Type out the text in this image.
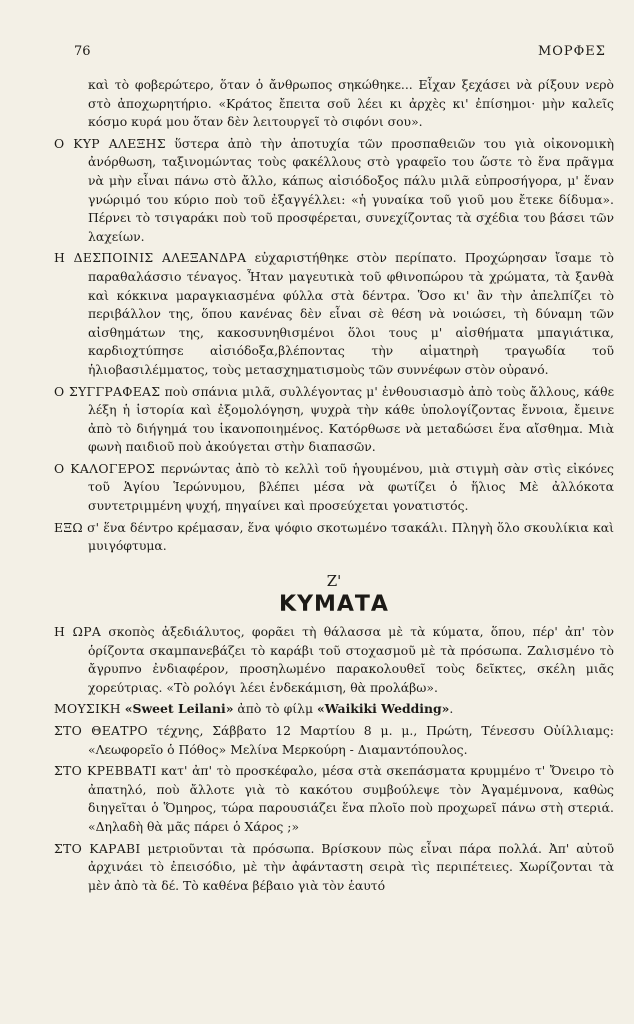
76	ΜΟΡΦΕΣ

καὶ τὸ φοβερώτερο, ὅταν ὁ ἄνθρωπος σηκώθηκε... Εἶχαν ξεχάσει νὰ ρίξουν νερὸ στὸ ἀποχωρητήριο. «Κράτος ἔπειτα σοῦ λέει κι ἀρχὲς κι' ἐπίσημοι· μὴν καλεῖς κόσμο κυρά μου ὅταν δὲν λειτουργεῖ τὸ σιφόνι σου».

Ο ΚΥΡ ΑΛΕΞΗΣ ὕστερα ἀπὸ τὴν ἀποτυχία τῶν προσπαθειῶν του γιὰ οἰκονομικὴ ἀνόρθωση, ταξινομώντας τοὺς φακέλλους στὸ γραφεῖο του ὥστε τὸ ἕνα πρᾶγμα νὰ μὴν εἶναι πάνω στὸ ἄλλο, κάπως αἰσιόδοξος πάλυ μιλᾶ εὐπροσήγορα, μ' ἕναν γνώριμό του κύριο ποὺ τοῦ ἐξαγγέλλει: «ἡ γυναίκα τοῦ γιοῦ μου ἔτεκε δίδυμα». Πέρνει τὸ τσιγαράκι ποὺ τοῦ προσφέρεται, συνεχίζοντας τὰ σχέδια του βάσει τῶν λαχείων.

Η ΔΕΣΠΟΙΝΙΣ ΑΛΕΞΑΝΔΡΑ εὐχαριστήθηκε στὸν περίπατο. Προχώρησαν ἴσαμε τὸ παραθαλάσσιο τέναγος. Ἦταν μαγευτικὰ τοῦ φθινοπώρου τὰ χρώματα, τὰ ξανθὰ καὶ κόκκινα μαραγκιασμένα φύλλα στὰ δέντρα. Ὅσο κι' ἂν τὴν ἀπελπίζει τὸ περιβάλλον της, ὅπου κανένας δὲν εἶναι σὲ θέση νὰ νοιώσει, τὴ δύναμη τῶν αἰσθημάτων της, κακοσυνηθισμένοι ὅλοι τους μ' αἰσθήματα μπαγιάτικα, καρδιοχτύπησε αἰσιόδοξα,βλέποντας τὴν αἱματηρὴ τραγωδία τοῦ ἡλιοβασιλέμματος, τοὺς μετασχηματισμοὺς τῶν συννέφων στὸν οὐρανό.

Ο ΣΥΓΓΡΑΦΕΑΣ ποὺ σπάνια μιλᾶ, συλλέγοντας μ' ἐνθουσιασμὸ ἀπὸ τοὺς ἄλλους, κάθε λέξη ἡ ἱστορία καὶ ἐξομολόγηση, ψυχρὰ τὴν κάθε ὑπολογίζοντας ἔννοια, ἔμεινε ἀπὸ τὸ διήγημά του ἱκανοποιημένος. Κατόρθωσε νὰ μεταδώσει ἕνα αἴσθημα. Μιὰ φωνὴ παιδιοῦ ποὺ ἀκούγεται στὴν διαπασῶν.

Ο ΚΑΛΟΓΕΡΟΣ περνώντας ἀπὸ τὸ κελλὶ τοῦ ἡγουμένου, μιὰ στιγμὴ σὰν στὶς εἰκόνες τοῦ Ἁγίου Ἱερώνυμου, βλέπει μέσα νὰ φωτίζει ὁ ἥλιος Μὲ ἀλλόκοτα συντετριμμένη ψυχή, πηγαίνει καὶ προσεύχεται γονατιστός.

ΕΞΩ σ' ἕνα δέντρο κρέμασαν, ἕνα ψόφιο σκοτωμένο τσακάλι. Πληγὴ ὅλο σκουλίκια καὶ μυιγόφτυμα.

Ζ'
ΚΥΜΑΤΑ

Η ΩΡΑ σκοπὸς ἀξεδιάλυτος, φορᾶει τὴ θάλασσα μὲ τὰ κύματα, ὅπου, πέρ' ἀπ' τὸν ὁρίζοντα σκαμπανεβάζει τὸ καράβι τοῦ στοχασμοῦ μὲ τὰ πρόσωπα. Ζαλισμένο τὸ ἄγρυπνο ἐνδιαφέρον, προσηλωμένο παρακολουθεῖ τοὺς δεῖκτες, σκέλη μιᾶς χορεύτριας. «Τὸ ρολόγι λέει ἑνδεκάμιση, θὰ προλάβω».

ΜΟΥΣΙΚΗ «Sweet Leilani» ἀπὸ τὸ φίλμ «Waikiki Wedding».

ΣΤΟ ΘΕΑΤΡΟ τέχνης, Σάββατο 12 Μαρτίου 8 μ. μ., Πρώτη, Τένεσσυ Οὐίλλιαμς: «Λεωφορεῖο ὁ Πόθος» Μελίνα Μερκούρη - Διαμαντόπουλος.

ΣΤΟ ΚΡΕΒΒΑΤΙ κατ' ἀπ' τὸ προσκέφαλο, μέσα στὰ σκεπάσματα κρυμμένο τ' Ὄνειρο τὸ ἀπατηλό, ποὺ ἄλλοτε γιὰ τὸ κακότου συμβούλεψε τὸν Ἀγαμέμνονα, καθὼς διηγεῖται ὁ Ὅμηρος, τώρα παρουσιάζει ἕνα πλοῖο ποὺ προχωρεῖ πάνω στὴ στεριά. «Δηλαδὴ θὰ μᾶς πάρει ὁ Χάρος ;»

ΣΤΟ ΚΑΡΑΒΙ μετριοῦνται τὰ πρόσωπα. Βρίσκουν πὼς εἶναι πάρα πολλά. Ἀπ' αὐτοῦ ἀρχινάει τὸ ἐπεισόδιο, μὲ τὴν ἀφάνταστη σειρὰ τὶς περιπέτειες. Χωρίζονται τὰ μὲν ἀπὸ τὰ δέ. Τὸ καθένα βέβαιο γιὰ τὸν ἑαυτό
